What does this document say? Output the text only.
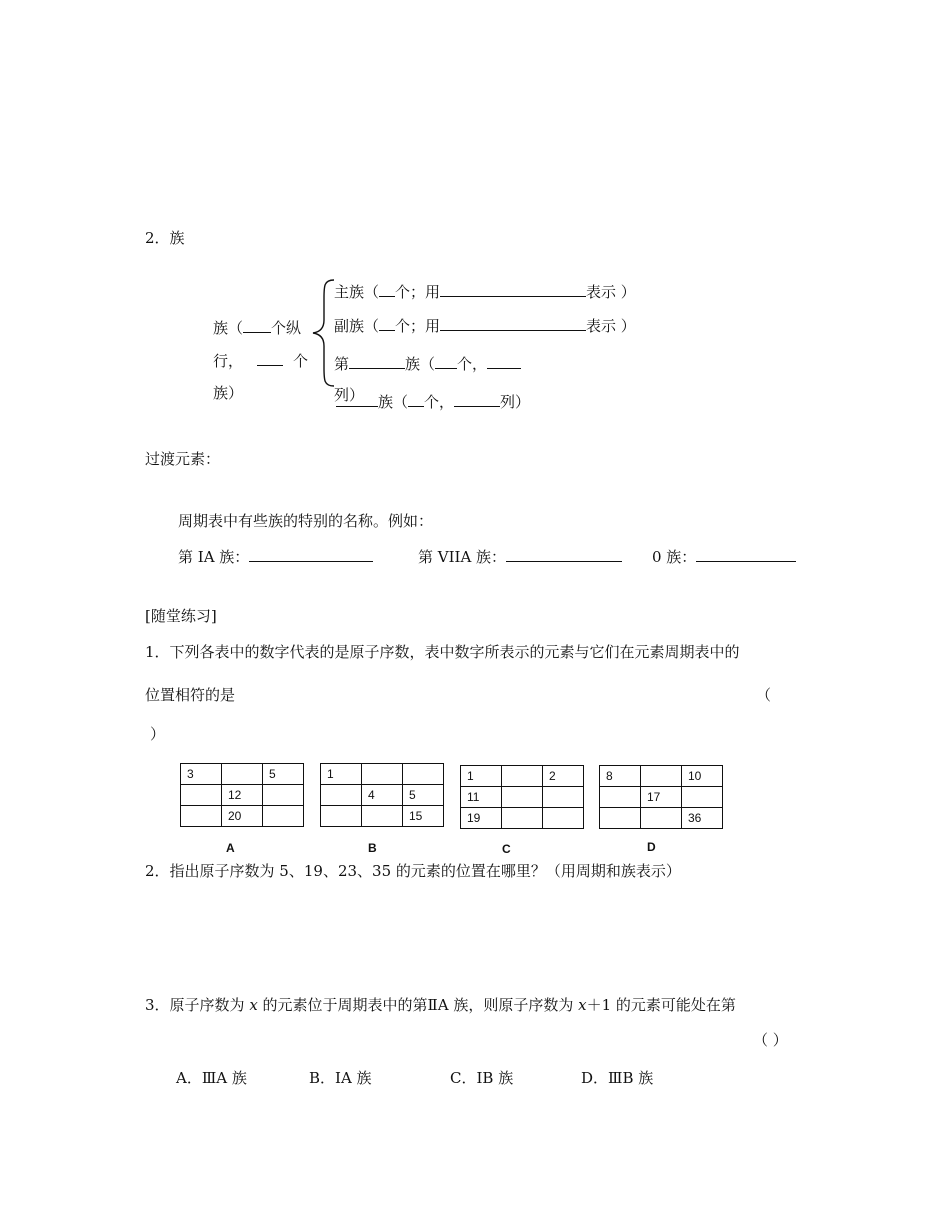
2．族
族（ 个纵
行，	个
族）
主族（ 个；用	表示 ）
副族（ 个；用	表示 ）
第	族（ 个，
列） 族（ 个，	列）
过渡元素：
周期表中有些族的特别的名称。例如：
第 IA 族：	第 VIIA 族：	0 族：
[随堂练习]
1．下列各表中的数字代表的是原子序数，表中数字所表示的元素与它们在元素周期表中的
位置相符的是	（
）
3		5
	12	
	20	
A
1		
	4	5
		15
B
1		2
11		
19		
C
8		10
	17	
		36
D
2．指出原子序数为 5、19、23、35 的元素的位置在哪里？（用周期和族表示）
3．原子序数为 x 的元素位于周期表中的第ⅡA 族，则原子序数为 x＋1 的元素可能处在第
（ ）
A．ⅢA 族	B．ⅠA 族	C．ⅠB 族	D．ⅢB 族
